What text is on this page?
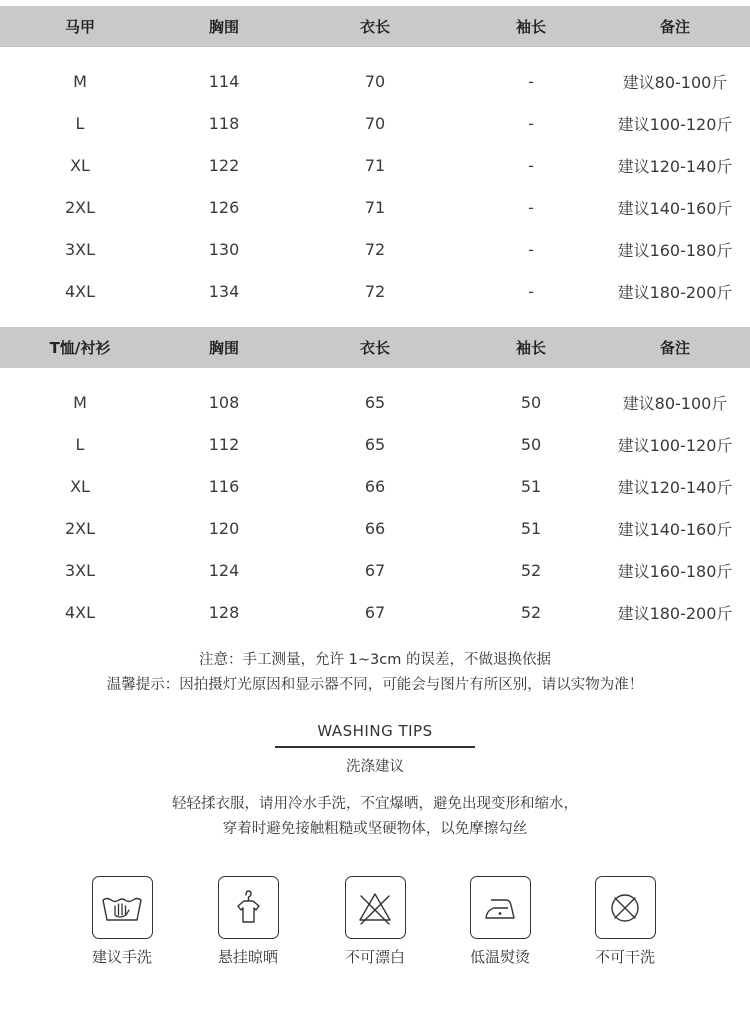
马甲	胸围	衣长	袖长	备注
M	114	70	-	建议80-100斤
L	118	70	-	建议100-120斤
XL	122	71	-	建议120-140斤
2XL	126	71	-	建议140-160斤
3XL	130	72	-	建议160-180斤
4XL	134	72	-	建议180-200斤
T恤/衬衫	胸围	衣长	袖长	备注
M	108	65	50	建议80-100斤
L	112	65	50	建议100-120斤
XL	116	66	51	建议120-140斤
2XL	120	66	51	建议140-160斤
3XL	124	67	52	建议160-180斤
4XL	128	67	52	建议180-200斤
注意：手工测量，允许 1~3cm 的误差，不做退换依据
温馨提示：因拍摄灯光原因和显示器不同，可能会与图片有所区别，请以实物为准！
WASHING TIPS
洗涤建议
轻轻揉衣服，请用冷水手洗，不宜爆晒，避免出现变形和缩水，
穿着时避免接触粗糙或坚硬物体，以免摩擦勾丝
建议手洗	悬挂晾晒	不可漂白	低温熨烫	不可干洗
